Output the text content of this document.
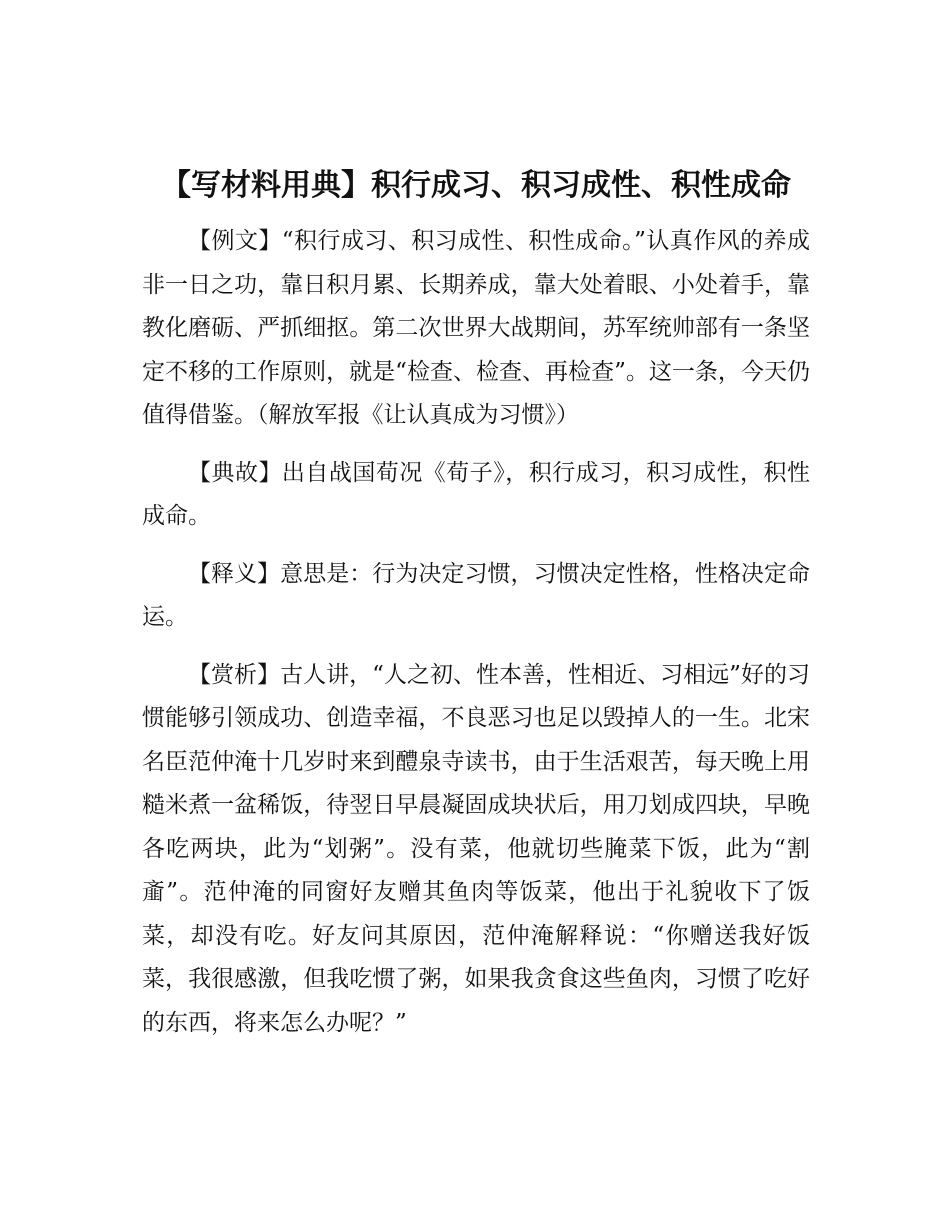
【写材料用典】积行成习、积习成性、积性成命

【例文】“积行成习、积习成性、积性成命。”认真作风的养成非一日之功，靠日积月累、长期养成，靠大处着眼、小处着手，靠教化磨砺、严抓细抠。第二次世界大战期间，苏军统帅部有一条坚定不移的工作原则，就是“检查、检查、再检查”。这一条，今天仍值得借鉴。（解放军报《让认真成为习惯》）

【典故】出自战国荀况《荀子》，积行成习，积习成性，积性成命。

【释义】意思是：行为决定习惯，习惯决定性格，性格决定命运。

【赏析】古人讲，“人之初、性本善，性相近、习相远”好的习惯能够引领成功、创造幸福，不良恶习也足以毁掉人的一生。北宋名臣范仲淹十几岁时来到醴泉寺读书，由于生活艰苦，每天晚上用糙米煮一盆稀饭，待翌日早晨凝固成块状后，用刀划成四块，早晚各吃两块，此为“划粥”。没有菜，他就切些腌菜下饭，此为“割齑”。范仲淹的同窗好友赠其鱼肉等饭菜，他出于礼貌收下了饭菜，却没有吃。好友问其原因，范仲淹解释说：“你赠送我好饭菜，我很感激，但我吃惯了粥，如果我贪食这些鱼肉，习惯了吃好的东西，将来怎么办呢？”
